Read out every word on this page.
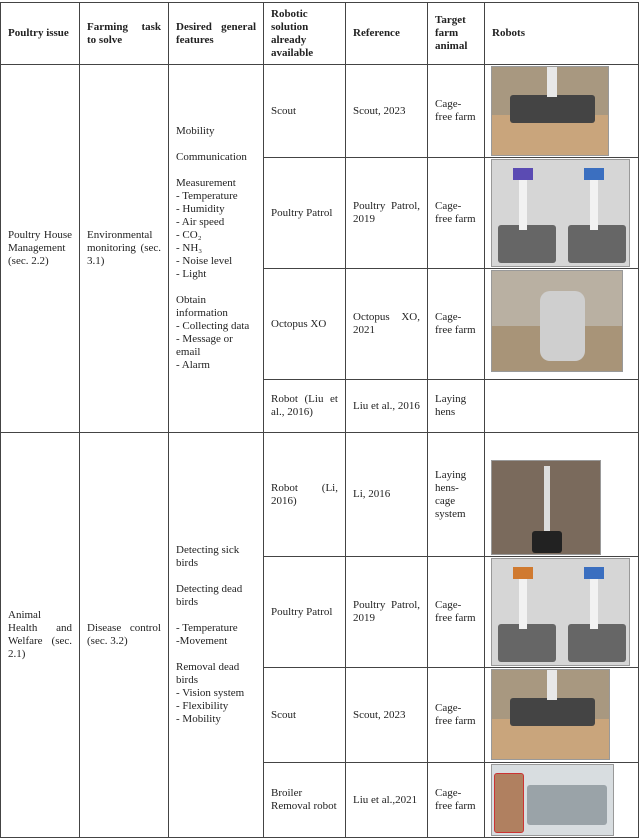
Poultry issue
Farming task to solve
Desired general features
Robotic solution already available
Reference
Target farm animal
Robots
Poultry House Management (sec. 2.2)
Environmental monitoring (sec. 3.1)
Mobility

Communication

Measurement
- Temperature
- Humidity
- Air speed
- CO₂
- NH₃
- Noise level
- Light

Obtain information
- Collecting data
- Message or email
- Alarm
Scout	Scout, 2023
Cage-free farm
Poultry Patrol
Poultry Patrol, 2019
Cage-free farm
Octopus XO
Octopus XO, 2021
Cage-free farm
Robot (Liu et al., 2016)
Liu et al., 2016
Laying hens
Animal Health and Welfare (sec. 2.1)
Disease control (sec. 3.2)
Detecting sick birds

Detecting dead birds

- Temperature
-Movement

Removal dead birds
- Vision system
- Flexibility
- Mobility
Robot (Li, 2016)
Li, 2016
Laying hens-cage system
Poultry Patrol
Poultry Patrol, 2019
Cage-free farm
Scout	Scout, 2023
Cage-free farm
Broiler Removal robot
Liu et al.,2021
Cage-free farm
